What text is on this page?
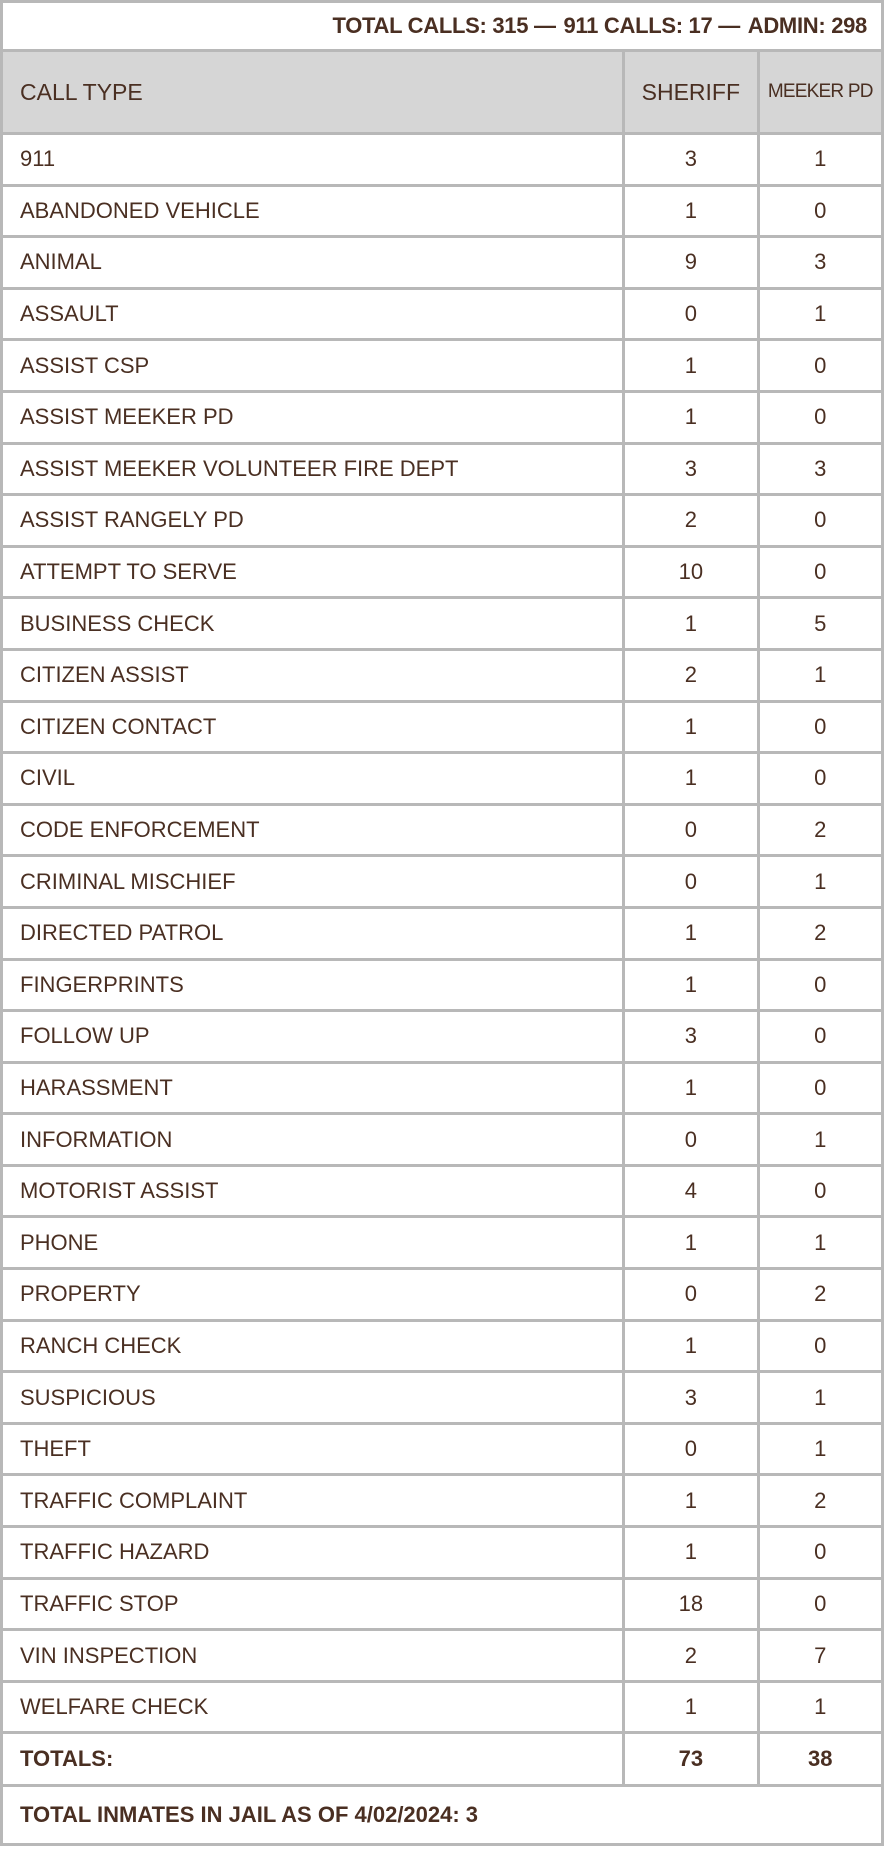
TOTAL CALLS: 315 — 911 CALLS: 17 — ADMIN: 298		
CALL TYPE	SHERIFF	MEEKER PD
911	3	1
ABANDONED VEHICLE	1	0
ANIMAL	9	3
ASSAULT	0	1
ASSIST CSP	1	0
ASSIST MEEKER PD	1	0
ASSIST MEEKER VOLUNTEER FIRE DEPT	3	3
ASSIST RANGELY PD	2	0
ATTEMPT TO SERVE	10	0
BUSINESS CHECK	1	5
CITIZEN ASSIST	2	1
CITIZEN CONTACT	1	0
CIVIL	1	0
CODE ENFORCEMENT	0	2
CRIMINAL MISCHIEF	0	1
DIRECTED PATROL	1	2
FINGERPRINTS	1	0
FOLLOW UP	3	0
HARASSMENT	1	0
INFORMATION	0	1
MOTORIST ASSIST	4	0
PHONE	1	1
PROPERTY	0	2
RANCH CHECK	1	0
SUSPICIOUS	3	1
THEFT	0	1
TRAFFIC COMPLAINT	1	2
TRAFFIC HAZARD	1	0
TRAFFIC STOP	18	0
VIN INSPECTION	2	7
WELFARE CHECK	1	1
TOTALS:	73	38
TOTAL INMATES IN JAIL AS OF 4/02/2024: 3		
